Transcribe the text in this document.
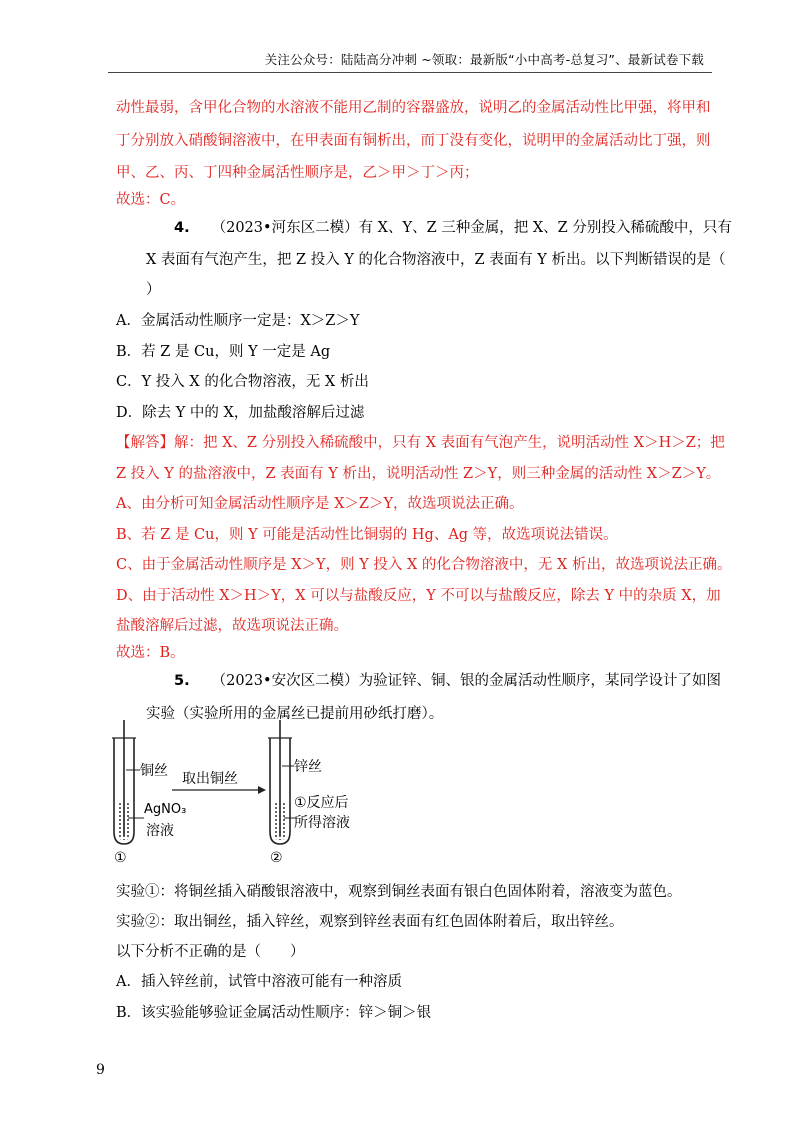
关注公众号：陆陆高分冲刺 ~领取：最新版“小中高考-总复习”、最新试卷下载
动性最弱，含甲化合物的水溶液不能用乙制的容器盛放，说明乙的金属活动性比甲强，将甲和
丁分别放入硝酸铜溶液中，在甲表面有铜析出，而丁没有变化，说明甲的金属活动比丁强，则
甲、乙、丙、丁四种金属活性顺序是，乙＞甲＞丁＞丙；
故选：C。
4. （2023•河东区二模）有 X、Y、Z 三种金属，把 X、Z 分别投入稀硫酸中，只有
X 表面有气泡产生，把 Z 投入 Y 的化合物溶液中，Z 表面有 Y 析出。以下判断错误的是（
）
A．金属活动性顺序一定是：X＞Z＞Y
B．若 Z 是 Cu，则 Y 一定是 Ag
C．Y 投入 X 的化合物溶液，无 X 析出
D．除去 Y 中的 X，加盐酸溶解后过滤
【解答】解：把 X、Z 分别投入稀硫酸中，只有 X 表面有气泡产生，说明活动性 X＞H＞Z；把
Z 投入 Y 的盐溶液中，Z 表面有 Y 析出，说明活动性 Z＞Y，则三种金属的活动性 X＞Z＞Y。
A、由分析可知金属活动性顺序是 X＞Z＞Y，故选项说法正确。
B、若 Z 是 Cu，则 Y 可能是活动性比铜弱的 Hg、Ag 等，故选项说法错误。
C、由于金属活动性顺序是 X＞Y，则 Y 投入 X 的化合物溶液中，无 X 析出，故选项说法正确。
D、由于活动性 X＞H＞Y，X 可以与盐酸反应，Y 不可以与盐酸反应，除去 Y 中的杂质 X，加
盐酸溶解后过滤，故选项说法正确。
故选：B。
5. （2023•安次区二模）为验证锌、铜、银的金属活动性顺序，某同学设计了如图
实验（实验所用的金属丝已提前用砂纸打磨）。
铜丝
AgNO₃
溶液
取出铜丝
锌丝
①反应后
所得溶液
①	②
实验①：将铜丝插入硝酸银溶液中，观察到铜丝表面有银白色固体附着，溶液变为蓝色。
实验②：取出铜丝，插入锌丝，观察到锌丝表面有红色固体附着后，取出锌丝。
以下分析不正确的是（　　）
A．插入锌丝前，试管中溶液可能有一种溶质
B．该实验能够验证金属活动性顺序：锌＞铜＞银
9
